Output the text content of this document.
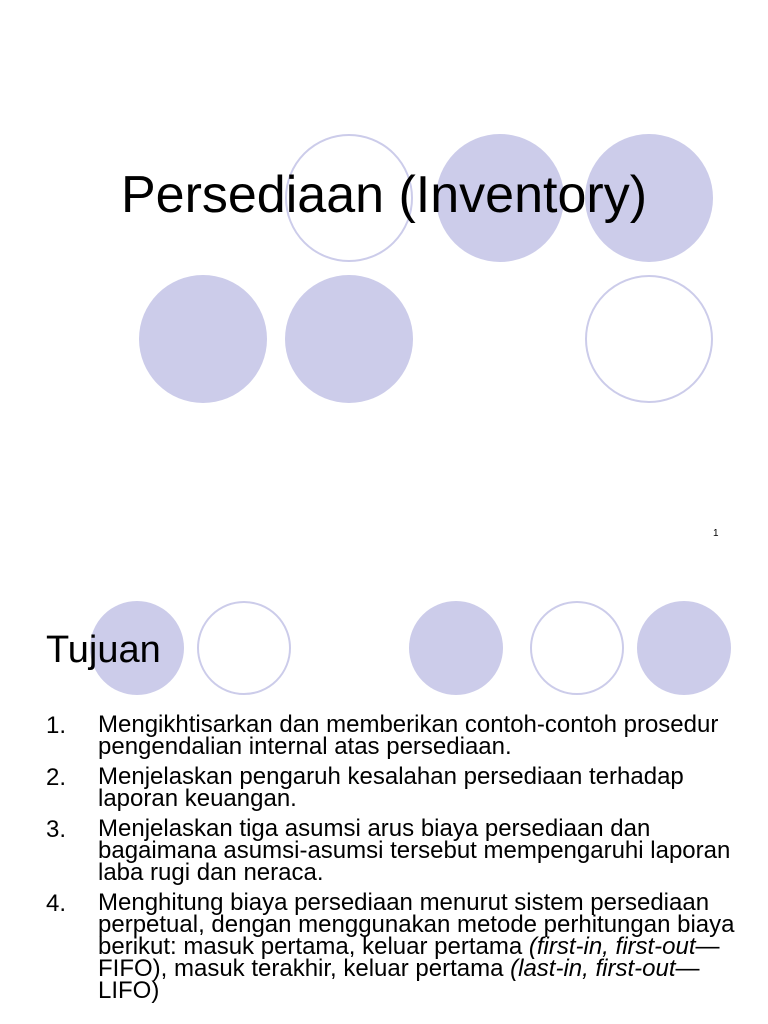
Persediaan (Inventory)
1
Tujuan
1.	Mengikhtisarkan dan memberikan contoh-contoh prosedur pengendalian internal atas persediaan.
2.	Menjelaskan pengaruh kesalahan persediaan terhadap laporan keuangan.
3.	Menjelaskan tiga asumsi arus biaya persediaan dan bagaimana asumsi-asumsi tersebut mempengaruhi laporan laba rugi dan neraca.
4.	Menghitung biaya persediaan menurut sistem persediaan perpetual, dengan menggunakan metode perhitungan biaya berikut: masuk pertama, keluar pertama (first-in, first-out—FIFO), masuk terakhir, keluar pertama (last-in, first-out—LIFO)
